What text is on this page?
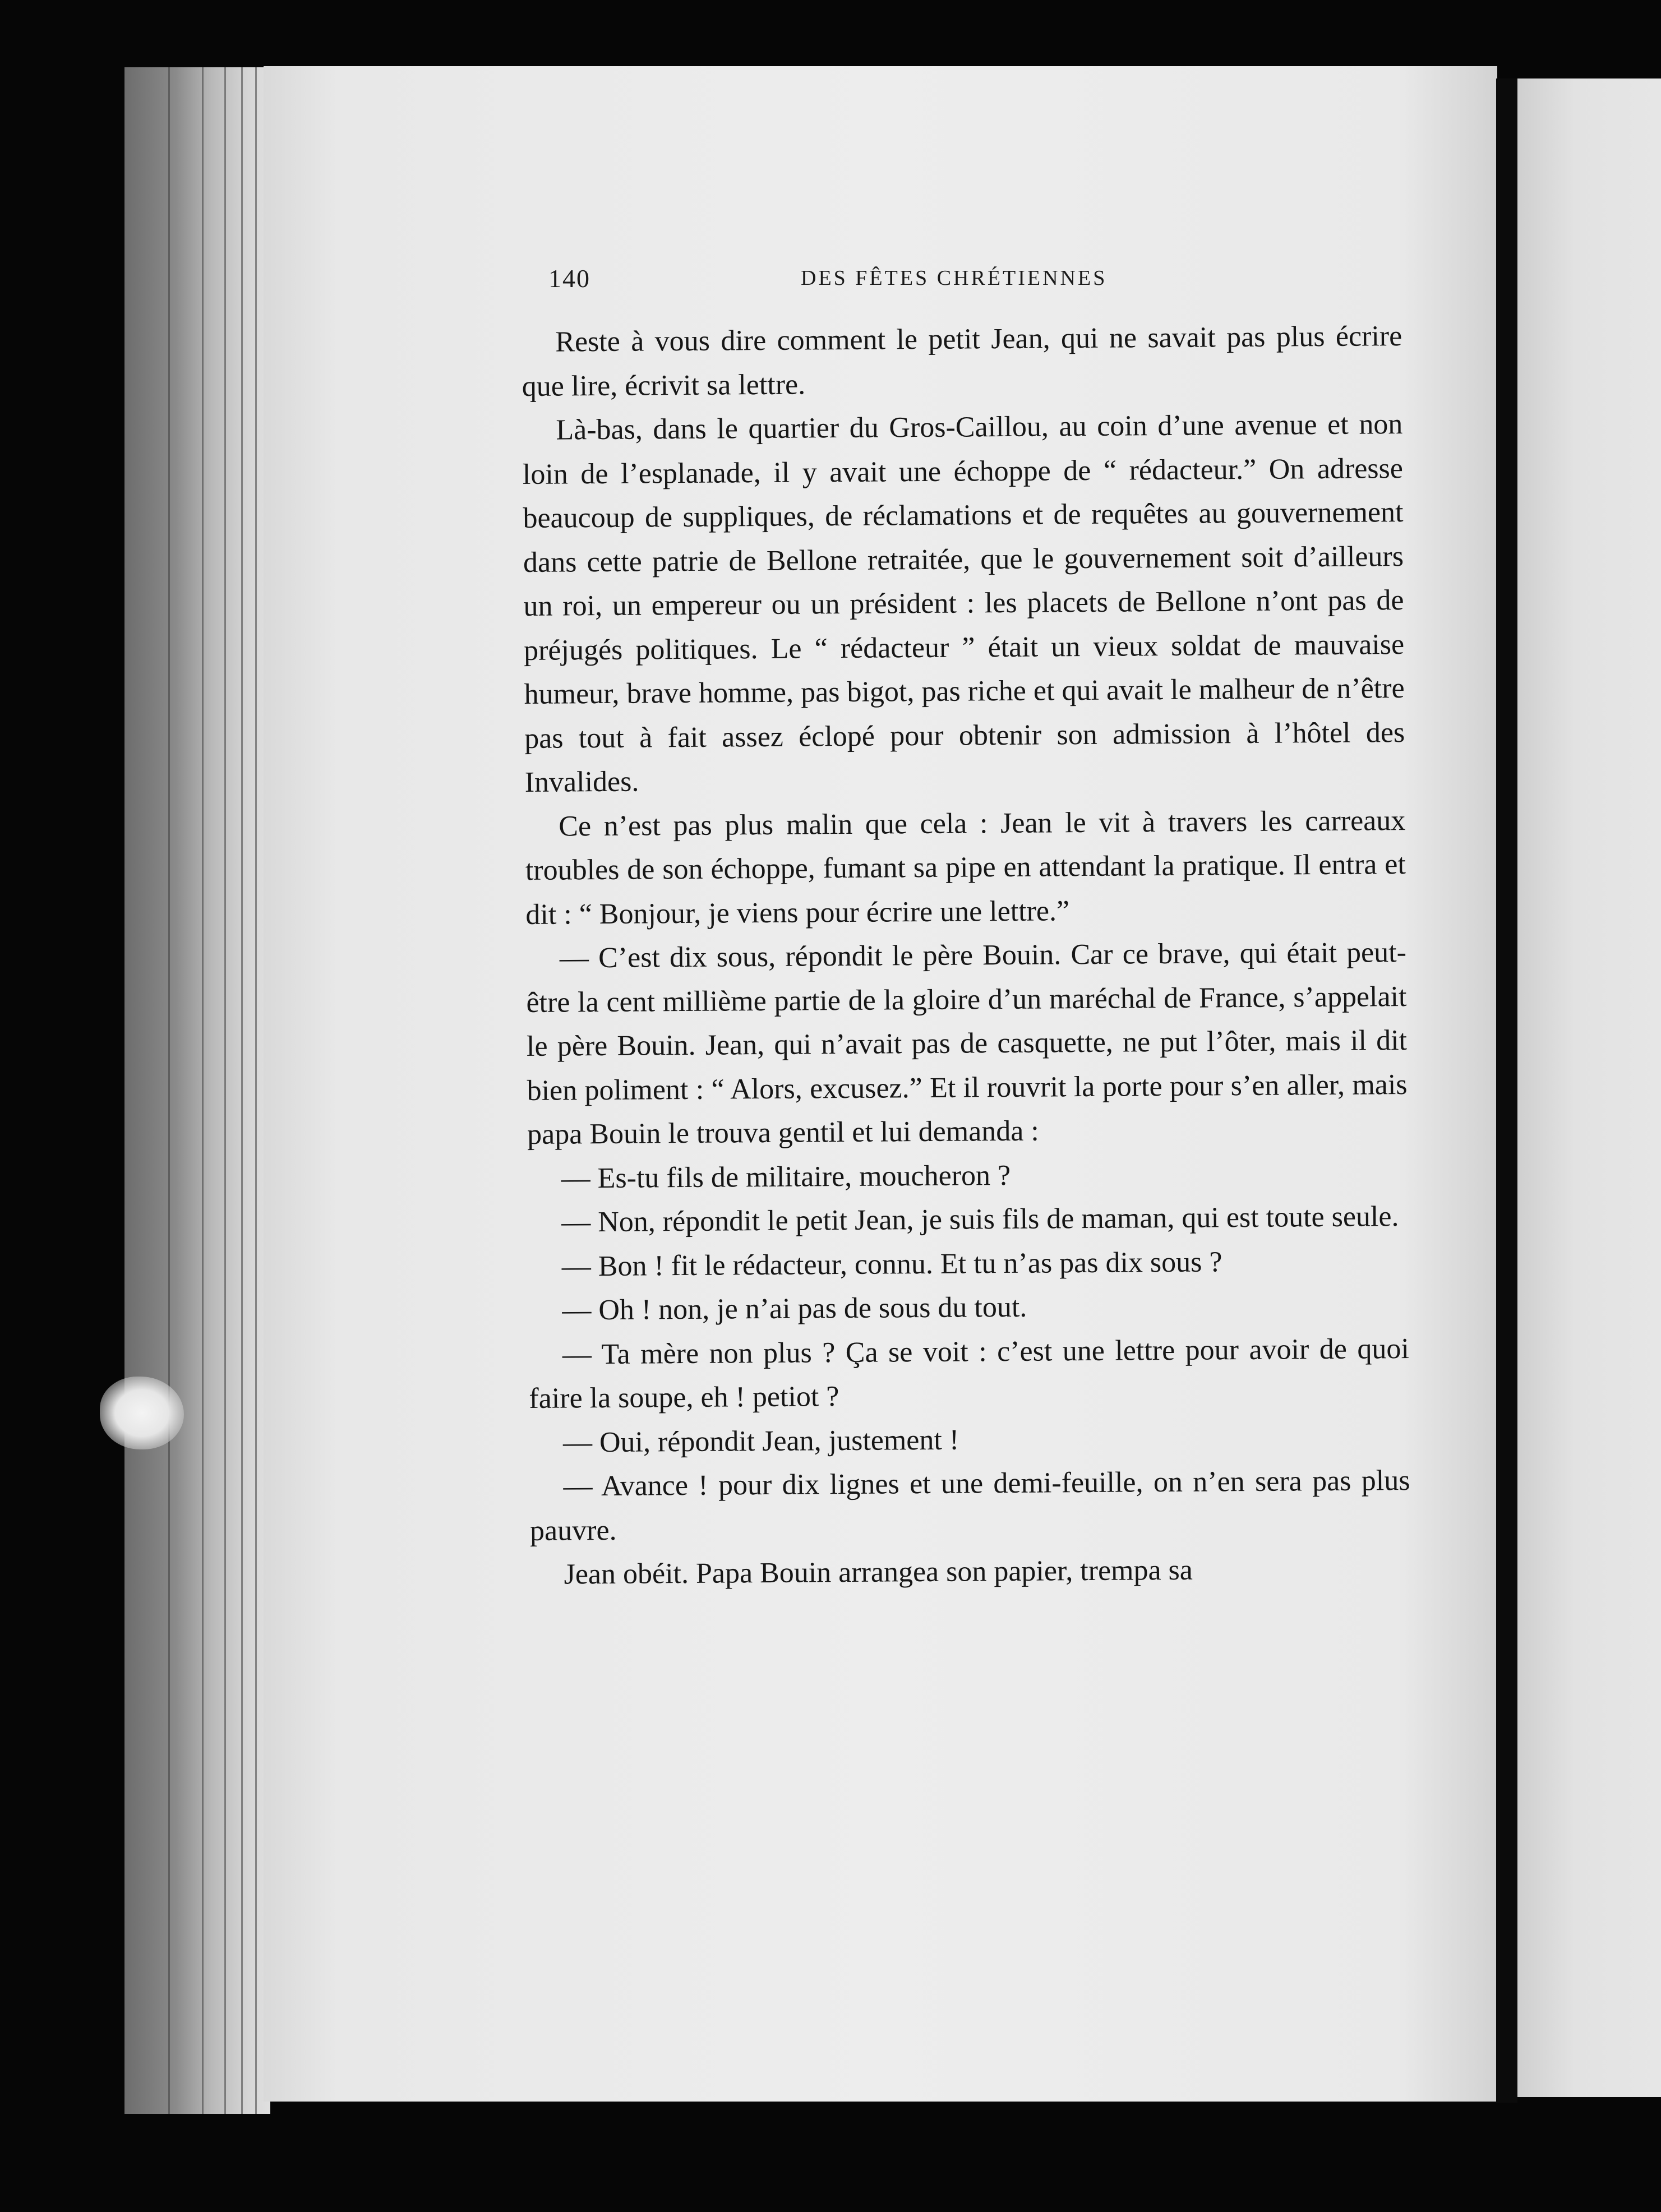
140	DES FÊTES CHRÉTIENNES

Reste à vous dire comment le petit Jean, qui ne savait pas plus écrire que lire, écrivit sa lettre.

Là-bas, dans le quartier du Gros-Caillou, au coin d’une avenue et non loin de l’esplanade, il y avait une échoppe de “ rédacteur.” On adresse beaucoup de suppliques, de réclamations et de requêtes au gouvernement dans cette patrie de Bellone retraitée, que le gouvernement soit d’ailleurs un roi, un empereur ou un président : les placets de Bellone n’ont pas de préjugés politiques. Le “ rédacteur ” était un vieux soldat de mauvaise humeur, brave homme, pas bigot, pas riche et qui avait le malheur de n’être pas tout à fait assez éclopé pour obtenir son admission à l’hôtel des Invalides.

Ce n’est pas plus malin que cela : Jean le vit à travers les carreaux troubles de son échoppe, fumant sa pipe en attendant la pratique. Il entra et dit : “ Bonjour, je viens pour écrire une lettre.”

— C’est dix sous, répondit le père Bouin. Car ce brave, qui était peut-être la cent millième partie de la gloire d’un maréchal de France, s’appelait le père Bouin. Jean, qui n’avait pas de casquette, ne put l’ôter, mais il dit bien poliment : “ Alors, excusez.” Et il rouvrit la porte pour s’en aller, mais papa Bouin le trouva gentil et lui demanda :

— Es-tu fils de militaire, moucheron ?

— Non, répondit le petit Jean, je suis fils de maman, qui est toute seule.

— Bon ! fit le rédacteur, connu. Et tu n’as pas dix sous ?

— Oh ! non, je n’ai pas de sous du tout.

— Ta mère non plus ? Ça se voit : c’est une lettre pour avoir de quoi faire la soupe, eh ! petiot ?

— Oui, répondit Jean, justement !

— Avance ! pour dix lignes et une demi-feuille, on n’en sera pas plus pauvre.

Jean obéit. Papa Bouin arrangea son papier, trempa sa
